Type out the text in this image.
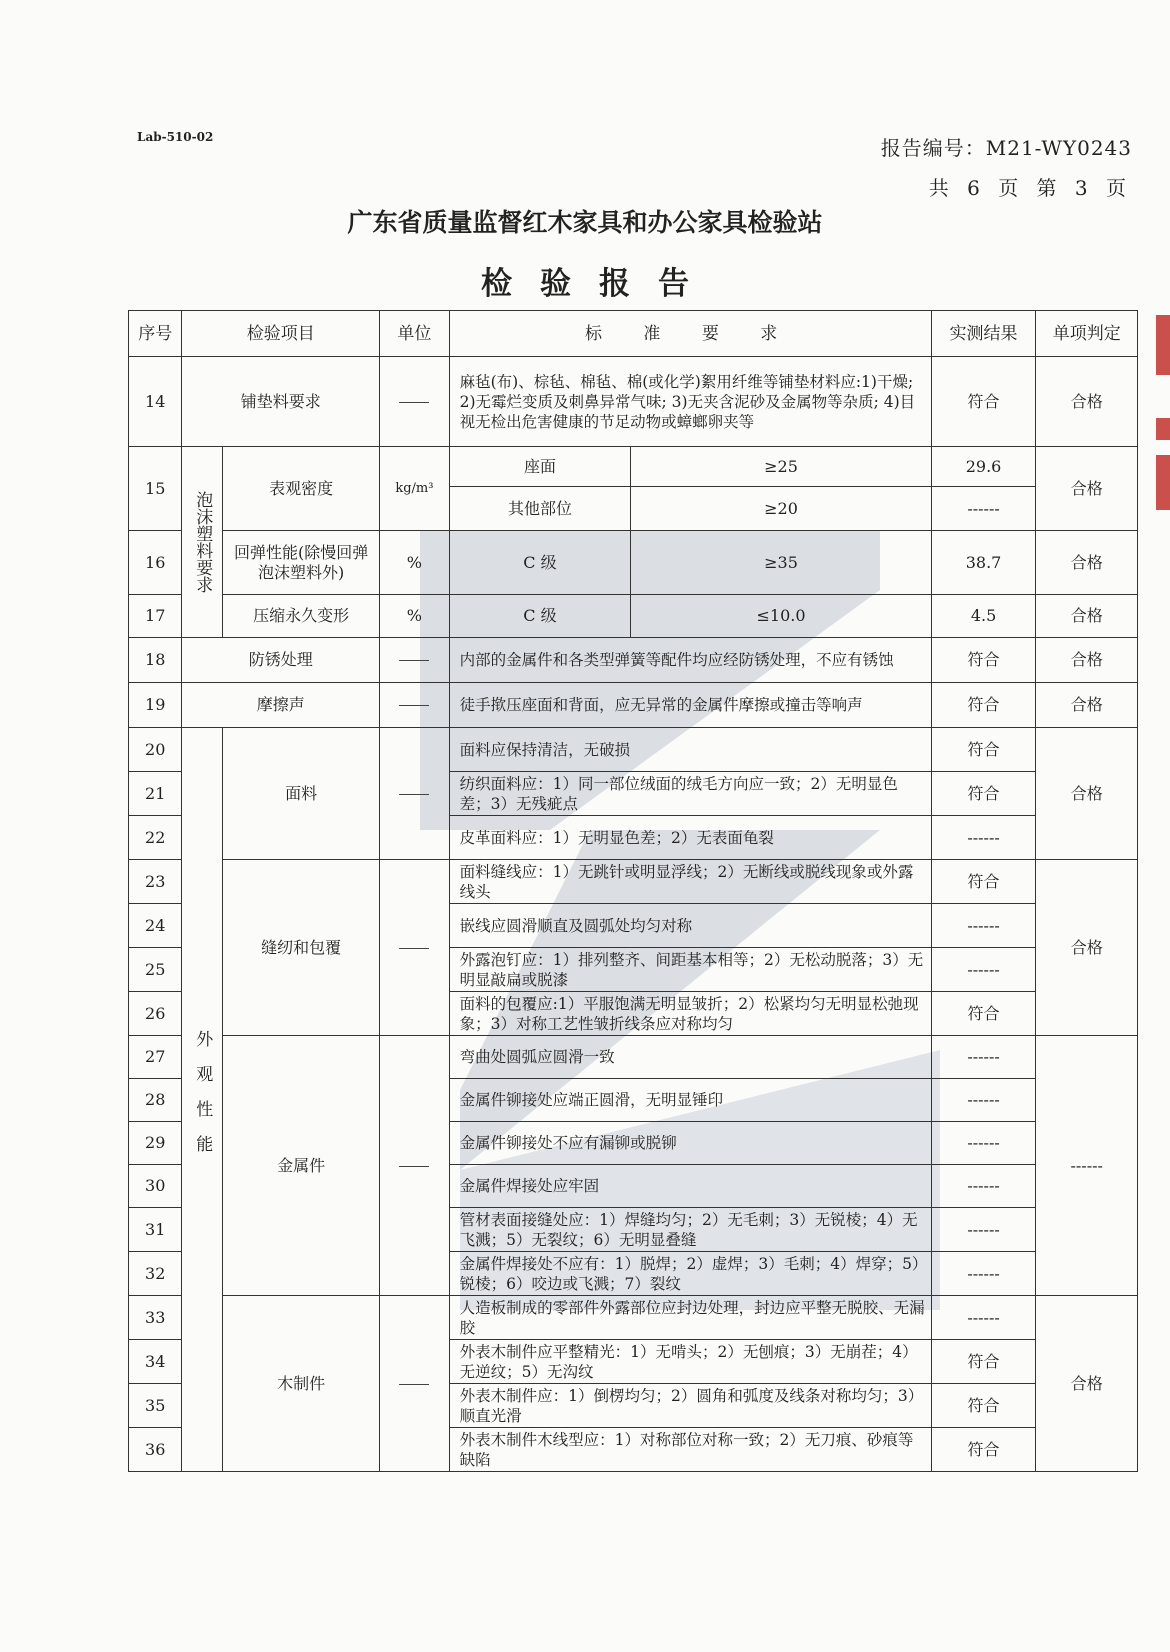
Lab-510-02	报告编号：M21-WY0243
共 6 页 第 3 页
广东省质量监督红木家具和办公家具检验站
检验报告
序号	检验项目		单位	标 准 要 求		实测结果	单项判定
14	铺垫料要求			麻毡(布)、棕毡、棉毡、棉(或化学)絮用纤维等铺垫材料应:1)干燥; 2)无霉烂变质及刺鼻异常气味; 3)无夹含泥砂及金属物等杂质; 4)目视无检出危害健康的节足动物或蟑螂卵夹等		符合	合格
15	泡沫塑料要求	表观密度	kg/m³	座面	≥25	29.6	合格
				其他部位	≥20	------	
16		回弹性能(除慢回弹泡沫塑料外)	%	C 级	≥35	38.7	合格
17		压缩永久变形	%	C 级	≤10.0	4.5	合格
18	防锈处理			内部的金属件和各类型弹簧等配件均应经防锈处理，不应有锈蚀		符合	合格
19	摩擦声			徒手揿压座面和背面，应无异常的金属件摩擦或撞击等响声		符合	合格
20	外观性能	面料		面料应保持清洁，无破损		符合	合格
21				纺织面料应：1）同一部位绒面的绒毛方向应一致；2）无明显色差；3）无残疵点		符合	
22				皮革面料应：1）无明显色差；2）无表面龟裂		------	
23		缝纫和包覆		面料缝线应：1）无跳针或明显浮线；2）无断线或脱线现象或外露线头		符合	合格
24				嵌线应圆滑顺直及圆弧处均匀对称		------	
25				外露泡钉应：1）排列整齐、间距基本相等；2）无松动脱落；3）无明显敲扁或脱漆		------	
26				面料的包覆应:1）平服饱满无明显皱折；2）松紧均匀无明显松弛现象；3）对称工艺性皱折线条应对称均匀		符合	
27		金属件		弯曲处圆弧应圆滑一致		------	------
28				金属件铆接处应端正圆滑，无明显锤印		------	
29				金属件铆接处不应有漏铆或脱铆		------	
30				金属件焊接处应牢固		------	
31				管材表面接缝处应：1）焊缝均匀；2）无毛刺；3）无锐棱；4）无飞溅；5）无裂纹；6）无明显叠缝		------	
32				金属件焊接处不应有：1）脱焊；2）虚焊；3）毛刺；4）焊穿；5）锐棱；6）咬边或飞溅；7）裂纹		------	
33		木制件		人造板制成的零部件外露部位应封边处理，封边应平整无脱胶、无漏胶		------	合格
34				外表木制件应平整精光：1）无啃头；2）无刨痕；3）无崩茬；4）无逆纹；5）无沟纹		符合	
35				外表木制件应：1）倒楞均匀；2）圆角和弧度及线条对称均匀；3）顺直光滑		符合	
36				外表木制件木线型应：1）对称部位对称一致；2）无刀痕、砂痕等缺陷		符合	
